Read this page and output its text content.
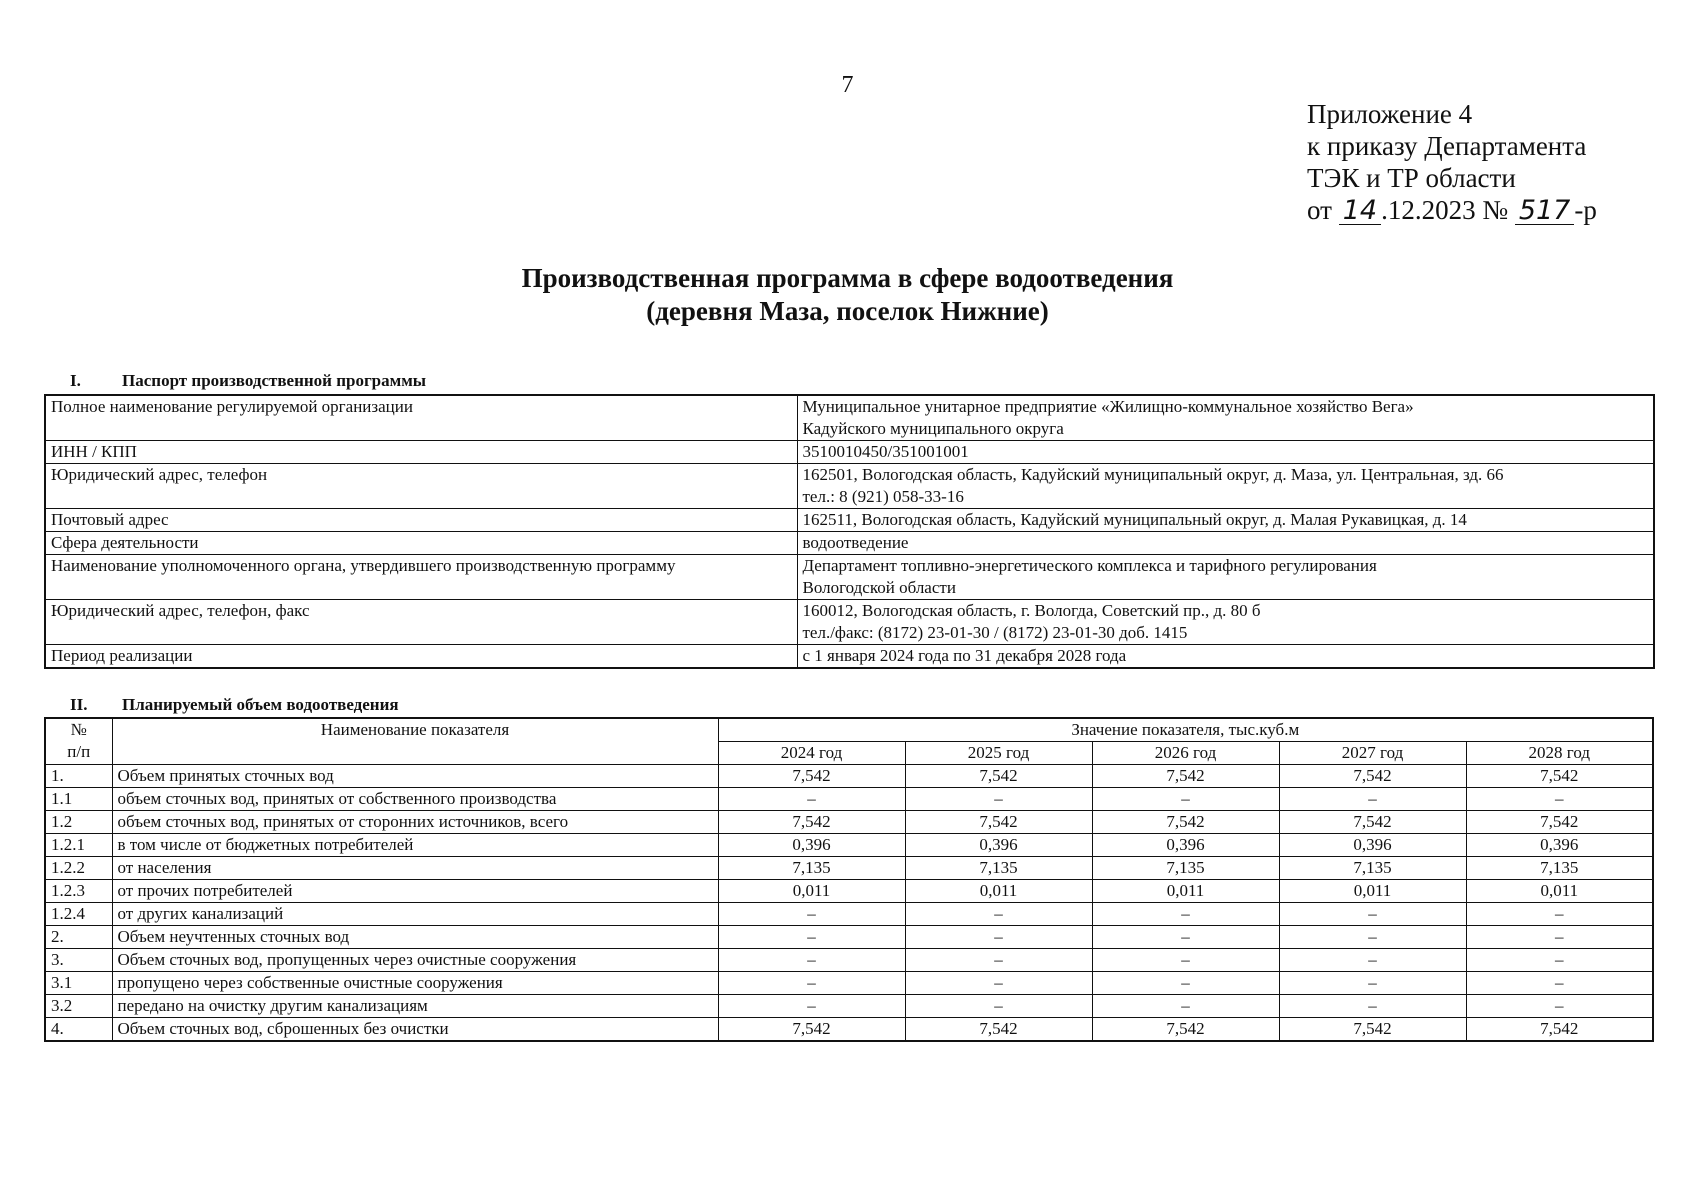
7
Приложение 4
к приказу Департамента
ТЭК и ТР области
от 14 .12.2023 № 517 -р
Производственная программа в сфере водоотведения
(деревня Маза, поселок Нижние)
I. Паспорт производственной программы
Полное наименование регулируемой организации	Муниципальное унитарное предприятие «Жилищно-коммунальное хозяйство Вега»
Кадуйского муниципального округа

ИНН / КПП	3510010450/351001001

Юридический адрес, телефон	162501, Вологодская область, Кадуйский муниципальный округ, д. Маза, ул. Центральная, зд. 66
тел.: 8 (921) 058-33-16

Почтовый адрес	162511, Вологодская область, Кадуйский муниципальный округ, д. Малая Рукавицкая, д. 14

Сфера деятельности	водоотведение

Наименование уполномоченного органа, утвердившего производственную программу	Департамент топливно-энергетического комплекса и тарифного регулирования
Вологодской области

Юридический адрес, телефон, факс	160012, Вологодская область, г. Вологда, Советский пр., д. 80 б
тел./факс: (8172) 23-01-30 / (8172) 23-01-30 доб. 1415

Период реализации	с 1 января 2024 года по 31 декабря 2028 года
II. Планируемый объем водоотведения
№
п/п	Наименование показателя	Значение показателя, тыс.куб.м				
		2024 год	2025 год	2026 год	2027 год	2028 год
1.	Объем принятых сточных вод	7,542	7,542	7,542	7,542	7,542
1.1	объем сточных вод, принятых от собственного производства	–	–	–	–	–
1.2	объем сточных вод, принятых от сторонних источников, всего	7,542	7,542	7,542	7,542	7,542
1.2.1	в том числе от бюджетных потребителей	0,396	0,396	0,396	0,396	0,396
1.2.2	от населения	7,135	7,135	7,135	7,135	7,135
1.2.3	от прочих потребителей	0,011	0,011	0,011	0,011	0,011
1.2.4	от других канализаций	–	–	–	–	–
2.	Объем неучтенных сточных вод	–	–	–	–	–
3.	Объем сточных вод, пропущенных через очистные сооружения	–	–	–	–	–
3.1	пропущено через собственные очистные сооружения	–	–	–	–	–
3.2	передано на очистку другим канализациям	–	–	–	–	–
4.	Объем сточных вод, сброшенных без очистки	7,542	7,542	7,542	7,542	7,542
